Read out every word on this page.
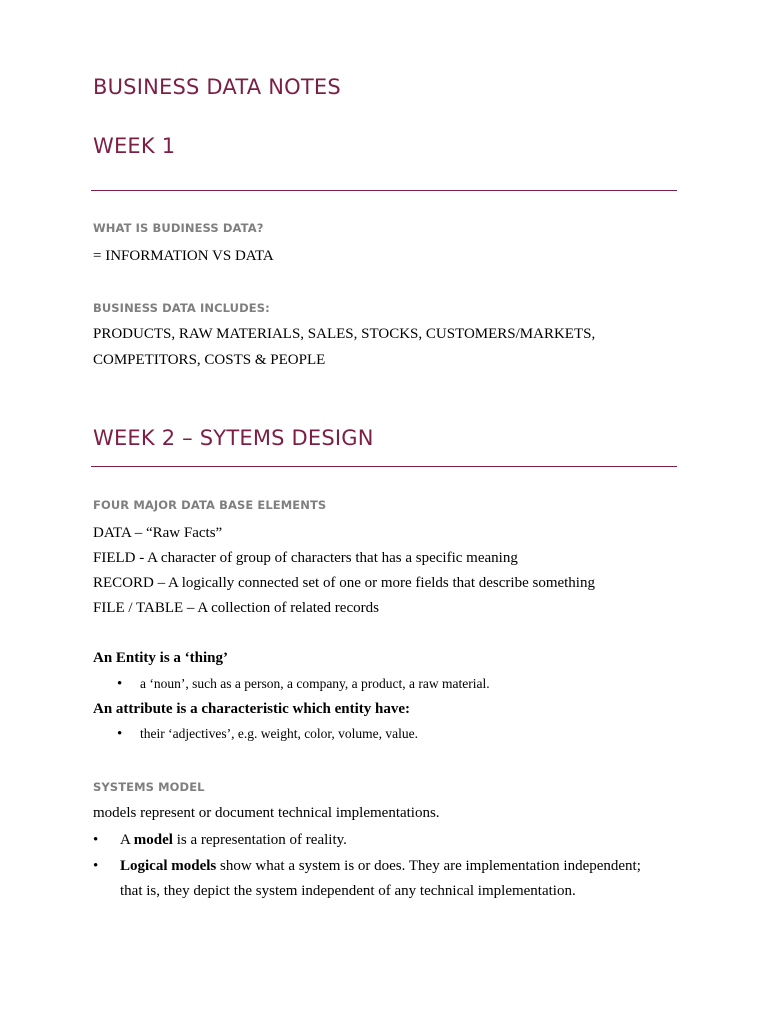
BUSINESS DATA NOTES
WEEK 1
WHAT IS BUDINESS DATA?
= INFORMATION VS DATA
BUSINESS DATA INCLUDES:
PRODUCTS, RAW MATERIALS, SALES, STOCKS, CUSTOMERS/MARKETS,
COMPETITORS, COSTS & PEOPLE
WEEK 2 – SYTEMS DESIGN
FOUR MAJOR DATA BASE ELEMENTS
DATA – “Raw Facts”
FIELD - A character of group of characters that has a specific meaning
RECORD – A logically connected set of one or more fields that describe something
FILE / TABLE – A collection of related records
An Entity is a ‘thing’
• a ‘noun’, such as a person, a company, a product, a raw material.
An attribute is a characteristic which entity have:
• their ‘adjectives’, e.g. weight, color, volume, value.
SYSTEMS MODEL
models represent or document technical implementations.
• A model is a representation of reality.
• Logical models show what a system is or does. They are implementation independent;
that is, they depict the system independent of any technical implementation.
